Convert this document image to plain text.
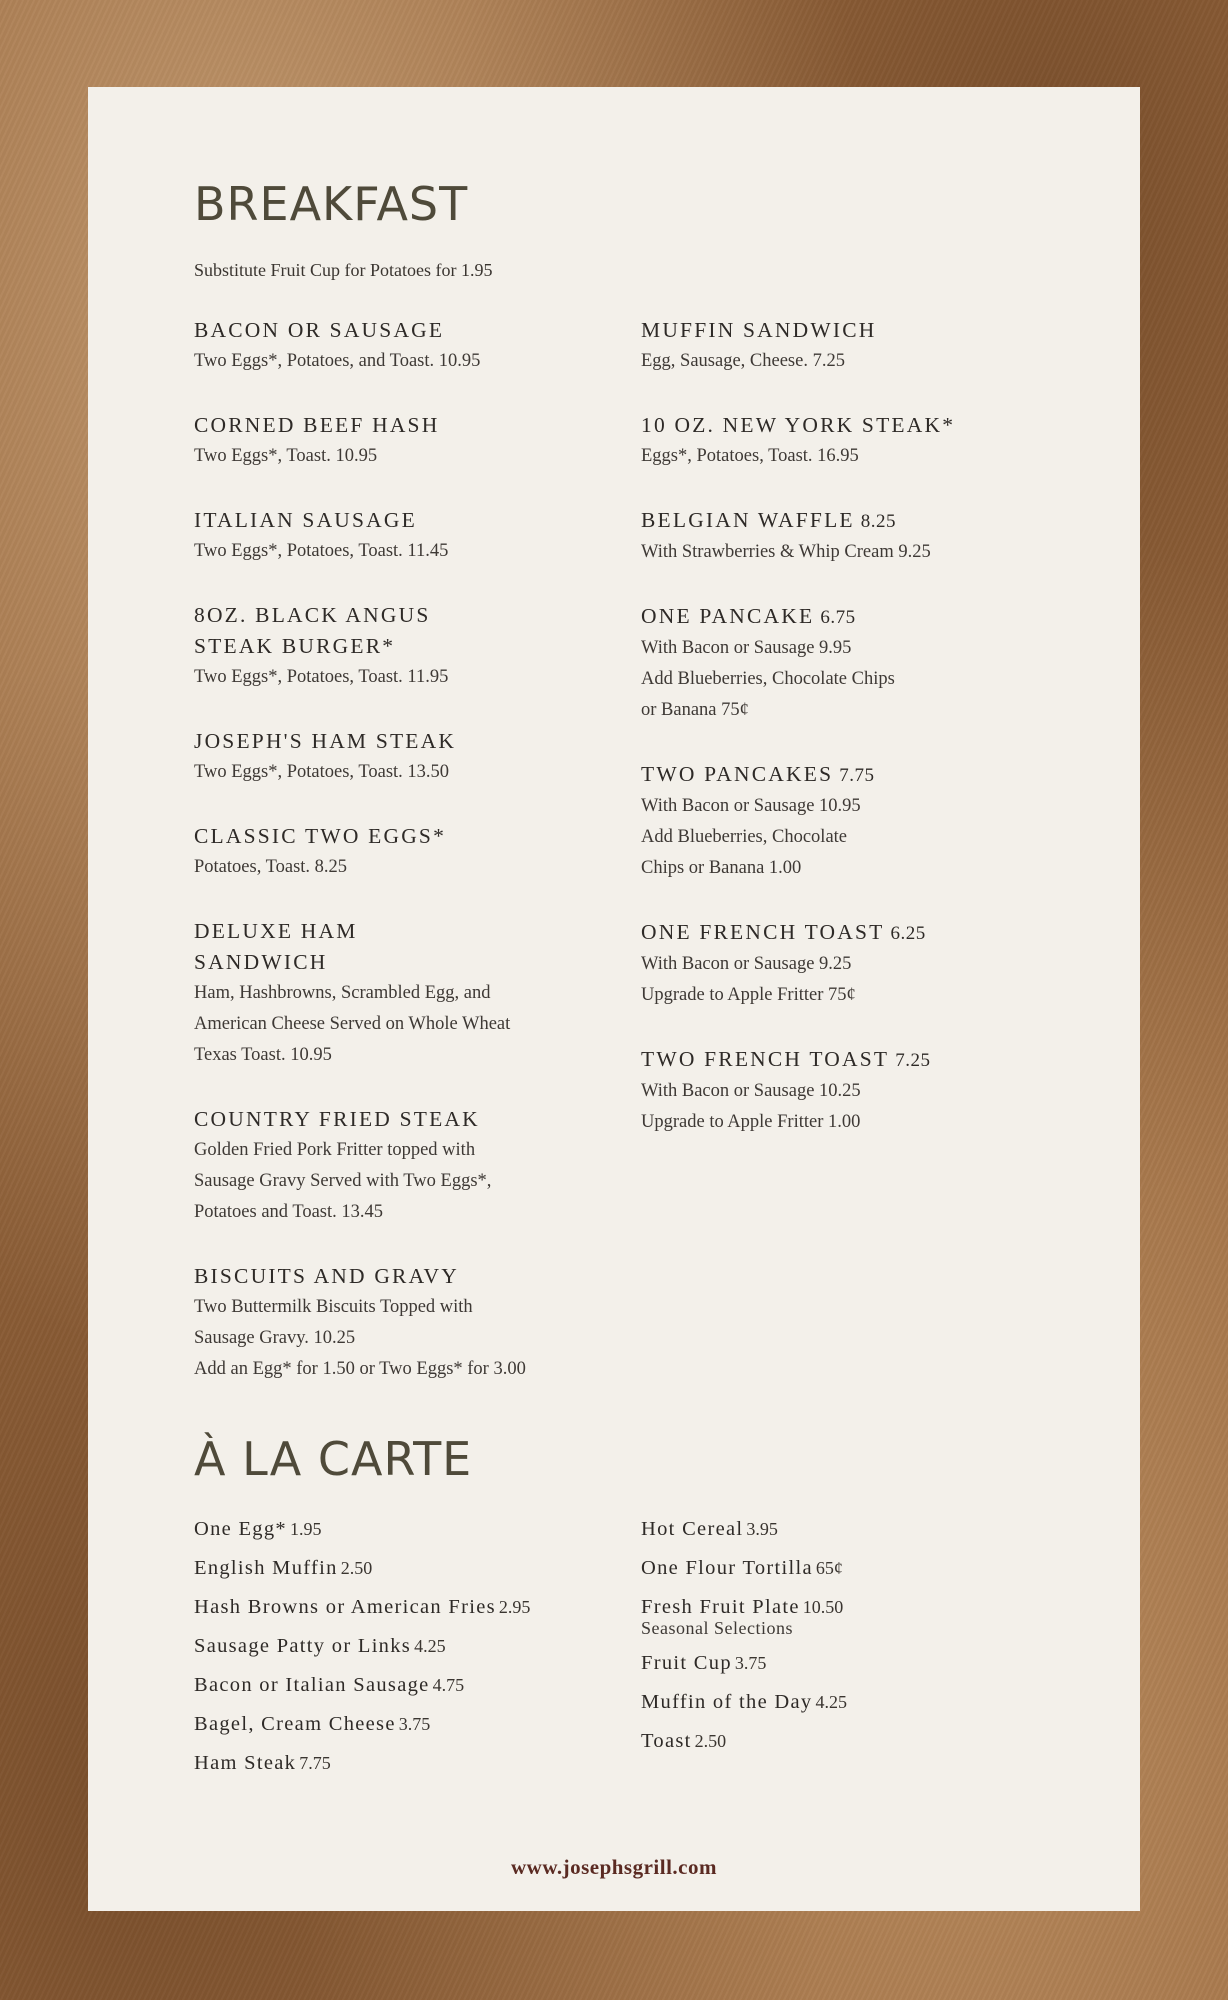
BREAKFAST
Substitute Fruit Cup for Potatoes for 1.95
BACON OR SAUSAGE
Two Eggs*, Potatoes, and Toast. 10.95
CORNED BEEF HASH
Two Eggs*, Toast. 10.95
ITALIAN SAUSAGE
Two Eggs*, Potatoes, Toast. 11.45
8OZ. BLACK ANGUS STEAK BURGER*
Two Eggs*, Potatoes, Toast. 11.95
JOSEPH'S HAM STEAK
Two Eggs*, Potatoes, Toast. 13.50
CLASSIC TWO EGGS*
Potatoes, Toast. 8.25
DELUXE HAM SANDWICH
Ham, Hashbrowns, Scrambled Egg, and
American Cheese Served on Whole Wheat
Texas Toast. 10.95
COUNTRY FRIED STEAK
Golden Fried Pork Fritter topped with
Sausage Gravy Served with Two Eggs*,
Potatoes and Toast. 13.45
BISCUITS AND GRAVY
Two Buttermilk Biscuits Topped with
Sausage Gravy. 10.25
Add an Egg* for 1.50 or Two Eggs* for 3.00
MUFFIN SANDWICH
Egg, Sausage, Cheese. 7.25
10 OZ. NEW YORK STEAK*
Eggs*, Potatoes, Toast. 16.95
BELGIAN WAFFLE 8.25
With Strawberries & Whip Cream 9.25
ONE PANCAKE 6.75
With Bacon or Sausage 9.95
Add Blueberries, Chocolate Chips
or Banana 75¢
TWO PANCAKES 7.75
With Bacon or Sausage 10.95
Add Blueberries, Chocolate
Chips or Banana 1.00
ONE FRENCH TOAST 6.25
With Bacon or Sausage 9.25
Upgrade to Apple Fritter 75¢
TWO FRENCH TOAST 7.25
With Bacon or Sausage 10.25
Upgrade to Apple Fritter 1.00
À LA CARTE
One Egg* 1.95
English Muffin 2.50
Hash Browns or American Fries 2.95
Sausage Patty or Links 4.25
Bacon or Italian Sausage 4.75
Bagel, Cream Cheese 3.75
Ham Steak 7.75
Hot Cereal 3.95
One Flour Tortilla 65¢
Fresh Fruit Plate 10.50
Seasonal Selections
Fruit Cup 3.75
Muffin of the Day 4.25
Toast 2.50
www.josephsgrill.com
